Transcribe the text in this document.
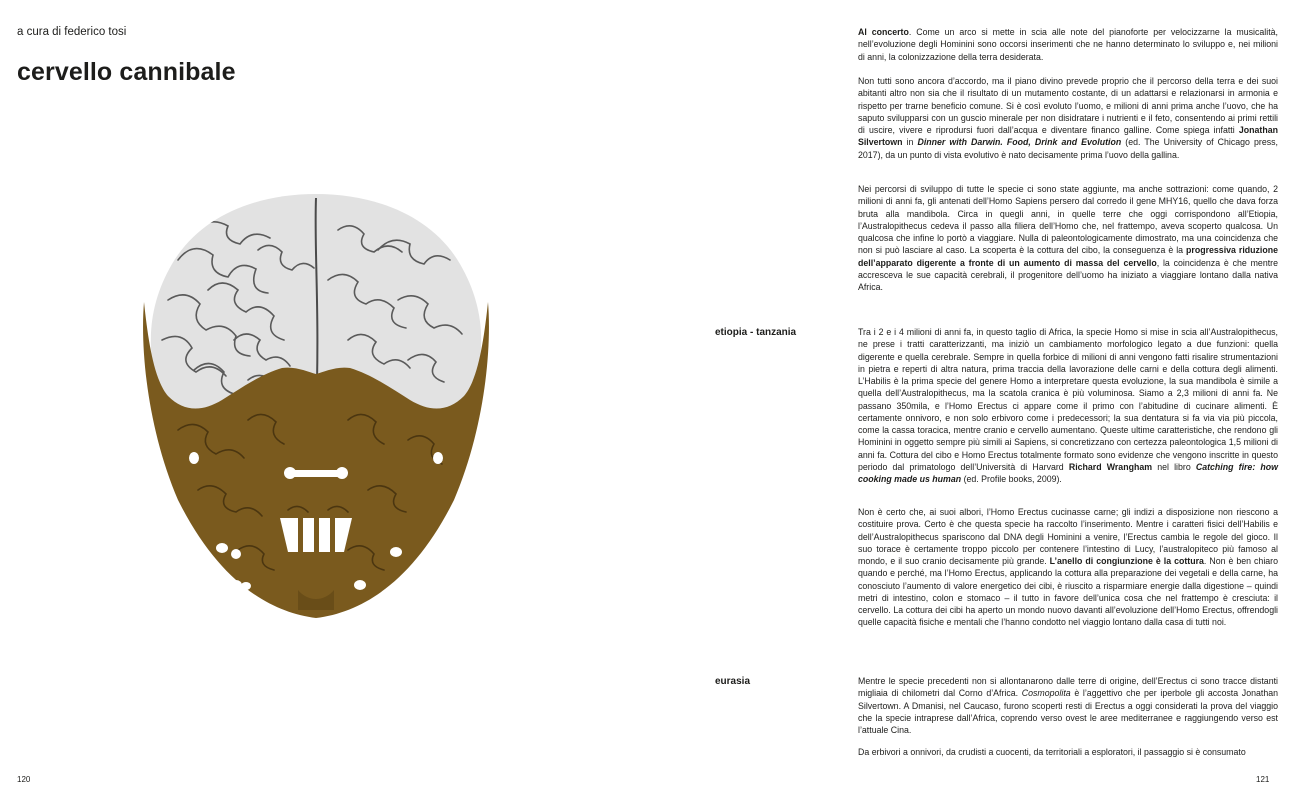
a cura di federico tosi
cervello cannibale
120

Al concerto. Come un arco si mette in scia alle note del pianoforte per velocizzarne la musicalità, nell’evoluzione degli Hominini sono occorsi inserimenti che ne hanno determinato lo sviluppo e, nei milioni di anni, la colonizzazione della terra desiderata.

Non tutti sono ancora d’accordo, ma il piano divino prevede proprio che il percorso della terra e dei suoi abitanti altro non sia che il risultato di un mutamento costante, di un adattarsi e relazionarsi in armonia e rispetto per trarne beneficio comune. Si è così evoluto l’uomo, e milioni di anni prima anche l’uovo, che ha saputo svilupparsi con un guscio minerale per non disidratare i nutrienti e il feto, consentendo ai primi rettili di uscire, vivere e riprodursi fuori dall’acqua e diventare financo galline. Come spiega infatti Jonathan Silvertown in Dinner with Darwin. Food, Drink and Evolution (ed. The University of Chicago press, 2017), da un punto di vista evolutivo è nato decisamente prima l’uovo della gallina.

Nei percorsi di sviluppo di tutte le specie ci sono state aggiunte, ma anche sottrazioni: come quando, 2 milioni di anni fa, gli antenati dell’Homo Sapiens persero dal corredo il gene MHY16, quello che dava forza bruta alla mandibola. Circa in quegli anni, in quelle terre che oggi corrispondono all’Etiopia, l’Australopithecus cedeva il passo alla filiera dell’Homo che, nel frattempo, aveva scoperto qualcosa. Un qualcosa che infine lo portò a viaggiare. Nulla di paleontologicamente dimostrato, ma una coincidenza che non si può lasciare al caso. La scoperta è la cottura del cibo, la conseguenza è la progressiva riduzione dell’apparato digerente a fronte di un aumento di massa del cervello, la coincidenza è che mentre accresceva le sue capacità cerebrali, il progenitore dell’uomo ha iniziato a viaggiare lontano dalla nativa Africa.

etiopia - tanzania	Tra i 2 e i 4 milioni di anni fa, in questo taglio di Africa, la specie Homo si mise in scia all’Australopithecus, ne prese i tratti caratterizzanti, ma iniziò un cambiamento morfologico legato a due funzioni: quella digerente e quella cerebrale. Sempre in quella forbice di milioni di anni vengono fatti risalire strumentazioni in pietra e reperti di altra natura, prima traccia della lavorazione delle carni e della cottura degli alimenti. L’Habilis è la prima specie del genere Homo a interpretare questa evoluzione, la sua mandibola è simile a quella dell’Australopithecus, ma la scatola cranica è più voluminosa. Siamo a 2,3 milioni di anni fa. Ne passano 350mila, e l’Homo Erectus ci appare come il primo con l’abitudine di cucinare alimenti. È certamente onnivoro, e non solo erbivoro come i predecessori; la sua dentatura si fa via via più piccola, come la cassa toracica, mentre cranio e cervello aumentano. Queste ultime caratteristiche, che rendono gli Hominini in oggetto sempre più simili ai Sapiens, si concretizzano con certezza paleontologica 1,5 milioni di anni fa. Cottura del cibo e Homo Erectus totalmente formato sono evidenze che vengono inscritte in questo periodo dal primatologo dell’Università di Harvard Richard Wrangham nel libro Catching fire: how cooking made us human (ed. Profile books, 2009).

Non è certo che, ai suoi albori, l’Homo Erectus cucinasse carne; gli indizi a disposizione non riescono a costituire prova. Certo è che questa specie ha raccolto l’inserimento. Mentre i caratteri fisici dell’Habilis e dell’Australopithecus spariscono dal DNA degli Hominini a venire, l’Erectus cambia le regole del gioco. Il suo torace è certamente troppo piccolo per contenere l’intestino di Lucy, l’australopiteco più famoso al mondo, e il suo cranio decisamente più grande. L’anello di congiunzione è la cottura. Non è ben chiaro quando e perché, ma l’Homo Erectus, applicando la cottura alla preparazione dei vegetali e della carne, ha conosciuto l’aumento di valore energetico dei cibi, è riuscito a risparmiare energie dalla digestione – quindi metri di intestino, colon e stomaco – il tutto in favore dell’unica cosa che nel frattempo è cresciuta: il cervello. La cottura dei cibi ha aperto un mondo nuovo davanti all’evoluzione dell’Homo Erectus, offrendogli quelle capacità fisiche e mentali che l’hanno condotto nel viaggio lontano dalla casa di tutti noi.

eurasia	Mentre le specie precedenti non si allontanarono dalle terre di origine, dell’Erectus ci sono tracce distanti migliaia di chilometri dal Corno d’Africa. Cosmopolita è l’aggettivo che per iperbole gli accosta Jonathan Silvertown. A Dmanisi, nel Caucaso, furono scoperti resti di Erectus a oggi considerati la prova del viaggio che la specie intraprese dall’Africa, coprendo verso ovest le aree mediterranee e raggiungendo verso est l’attuale Cina.

Da erbivori a onnivori, da crudisti a cuocenti, da territoriali a esploratori, il passaggio si è consumato

121
